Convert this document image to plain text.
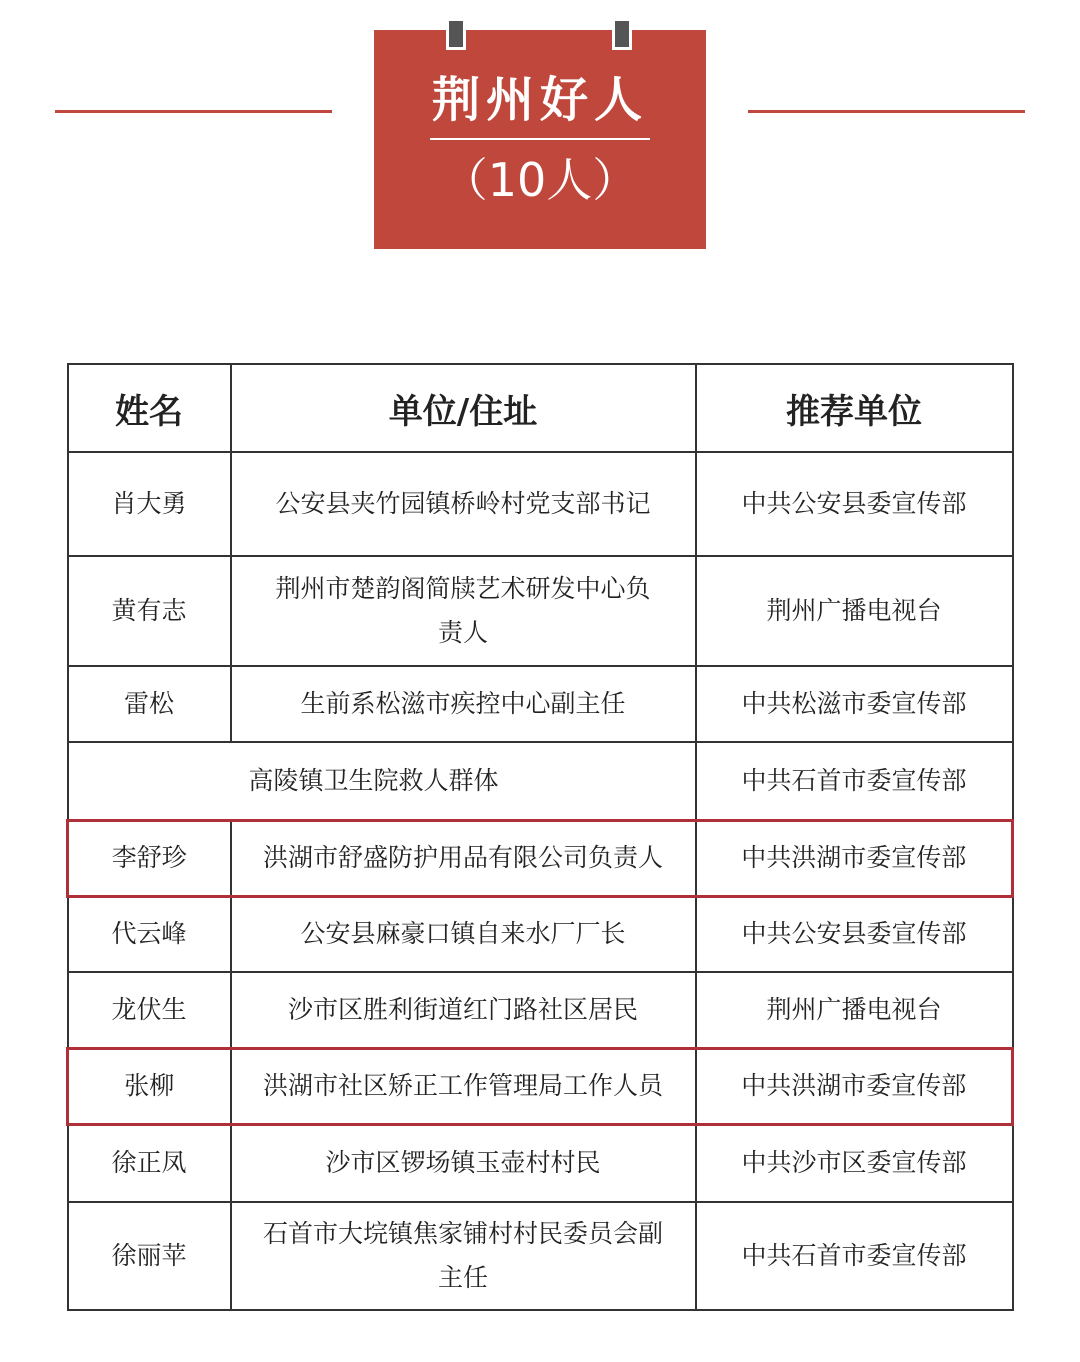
荆州好人
（10人）
姓名	单位/住址	推荐单位
肖大勇	公安县夹竹园镇桥岭村党支部书记	中共公安县委宣传部
黄有志	荆州市楚韵阁简牍艺术研发中心负责人	荆州广播电视台
雷松	生前系松滋市疾控中心副主任	中共松滋市委宣传部
高陵镇卫生院救人群体		中共石首市委宣传部
李舒珍	洪湖市舒盛防护用品有限公司负责人	中共洪湖市委宣传部
代云峰	公安县麻豪口镇自来水厂厂长	中共公安县委宣传部
龙伏生	沙市区胜利街道红门路社区居民	荆州广播电视台
张柳	洪湖市社区矫正工作管理局工作人员	中共洪湖市委宣传部
徐正凤	沙市区锣场镇玉壶村村民	中共沙市区委宣传部
徐丽苹	石首市大垸镇焦家铺村村民委员会副主任	中共石首市委宣传部
